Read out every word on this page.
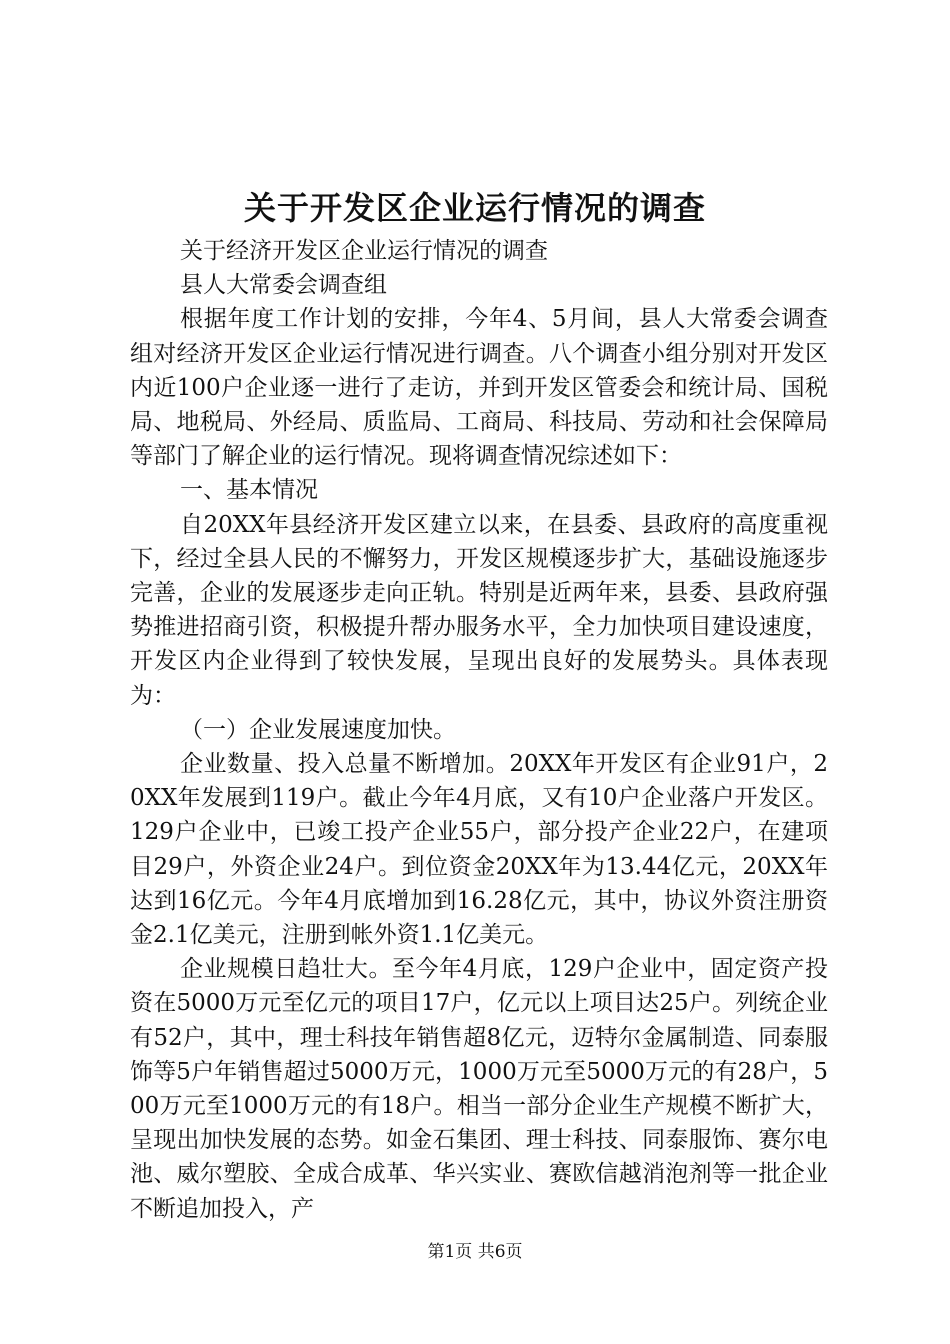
关于开发区企业运行情况的调查

关于经济开发区企业运行情况的调查

县人大常委会调查组

根据年度工作计划的安排，今年4、5月间，县人大常委会调查组对经济开发区企业运行情况进行调查。八个调查小组分别对开发区内近100户企业逐一进行了走访，并到开发区管委会和统计局、国税局、地税局、外经局、质监局、工商局、科技局、劳动和社会保障局等部门了解企业的运行情况。现将调查情况综述如下：

一、基本情况

自20XX年县经济开发区建立以来，在县委、县政府的高度重视下，经过全县人民的不懈努力，开发区规模逐步扩大，基础设施逐步完善，企业的发展逐步走向正轨。特别是近两年来，县委、县政府强势推进招商引资，积极提升帮办服务水平，全力加快项目建设速度，开发区内企业得到了较快发展，呈现出良好的发展势头。具体表现为：

（一）企业发展速度加快。

企业数量、投入总量不断增加。20XX年开发区有企业91户，20XX年发展到119户。截止今年4月底，又有10户企业落户开发区。129户企业中，已竣工投产企业55户，部分投产企业22户，在建项目29户，外资企业24户。到位资金20XX年为13.44亿元，20XX年达到16亿元。今年4月底增加到16.28亿元，其中，协议外资注册资金2.1亿美元，注册到帐外资1.1亿美元。

企业规模日趋壮大。至今年4月底，129户企业中，固定资产投资在5000万元至亿元的项目17户，亿元以上项目达25户。列统企业有52户，其中，理士科技年销售超8亿元，迈特尔金属制造、同泰服饰等5户年销售超过5000万元，1000万元至5000万元的有28户，500万元至1000万元的有18户。相当一部分企业生产规模不断扩大，呈现出加快发展的态势。如金石集团、理士科技、同泰服饰、赛尔电池、威尔塑胶、全成合成革、华兴实业、赛欧信越消泡剂等一批企业不断追加投入，产

第1页 共6页
